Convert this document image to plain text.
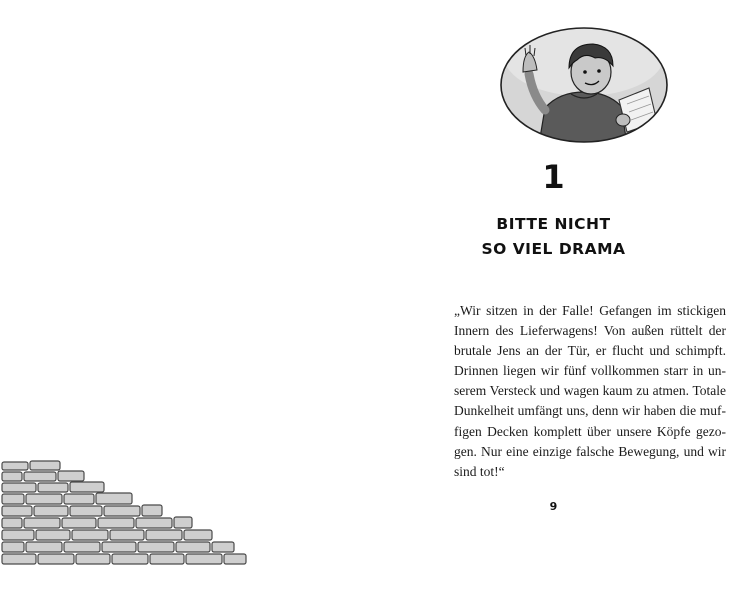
1
BITTE NICHT
SO VIEL DRAMA
„Wir sitzen in der Falle! Gefangen im stickigen
Innern des Lieferwagens! Von außen rüttelt der
brutale Jens an der Tür, er flucht und schimpft.
Drinnen liegen wir fünf vollkommen starr in un-
serem Versteck und wagen kaum zu atmen. Totale
Dunkelheit umfängt uns, denn wir haben die muf-
figen Decken komplett über unsere Köpfe gezo-
gen. Nur eine einzige falsche Bewegung, und wir
sind tot!“
9
